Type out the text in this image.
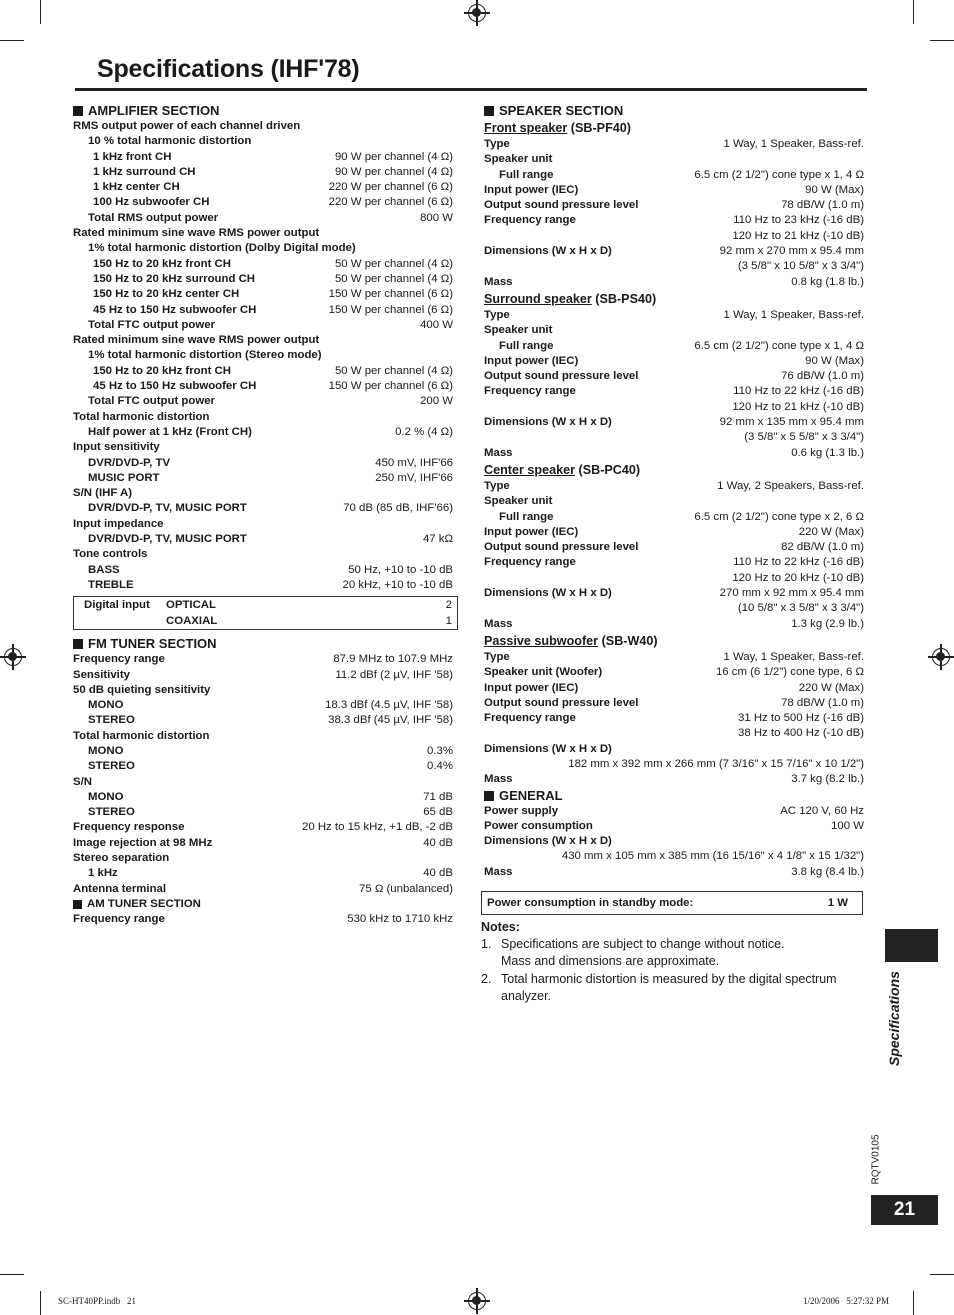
Specifications (IHF'78)
AMPLIFIER SECTION
RMS output power of each channel driven
10 % total harmonic distortion
1 kHz front CH	90 W per channel (4 Ω)
1 kHz surround CH	90 W per channel (4 Ω)
1 kHz center CH	220 W per channel (6 Ω)
100 Hz subwoofer CH	220 W per channel (6 Ω)
Total RMS output power	800 W
Rated minimum sine wave RMS power output
1% total harmonic distortion (Dolby Digital mode)
150 Hz to 20 kHz front CH	50 W per channel (4 Ω)
150 Hz to 20 kHz surround CH	50 W per channel (4 Ω)
150 Hz to 20 kHz center CH	150 W per channel (6 Ω)
45 Hz to 150 Hz subwoofer CH	150 W per channel (6 Ω)
Total FTC output power	400 W
Rated minimum sine wave RMS power output
1% total harmonic distortion (Stereo mode)
150 Hz to 20 kHz front CH	50 W per channel (4 Ω)
45 Hz to 150 Hz subwoofer CH	150 W per channel (6 Ω)
Total FTC output power	200 W
Total harmonic distortion
Half power at 1 kHz (Front CH)	0.2 % (4 Ω)
Input sensitivity
DVR/DVD-P, TV	450 mV, IHF'66
MUSIC PORT	250 mV, IHF'66
S/N (IHF A)
DVR/DVD-P, TV, MUSIC PORT	70 dB (85 dB, IHF'66)
Input impedance
DVR/DVD-P, TV, MUSIC PORT	47 kΩ
Tone controls
BASS	50 Hz, +10 to -10 dB
TREBLE	20 kHz, +10 to -10 dB
Digital input OPTICAL	2
COAXIAL	1
FM TUNER SECTION
Frequency range	87.9 MHz to 107.9 MHz
Sensitivity	11.2 dBf (2 µV, IHF '58)
50 dB quieting sensitivity
MONO	18.3 dBf (4.5 µV, IHF '58)
STEREO	38.3 dBf (45 µV, IHF '58)
Total harmonic distortion
MONO	0.3%
STEREO	0.4%
S/N
MONO	71 dB
STEREO	65 dB
Frequency response	20 Hz to 15 kHz, +1 dB, -2 dB
Image rejection at 98 MHz	40 dB
Stereo separation
1 kHz	40 dB
Antenna terminal	75 Ω (unbalanced)
AM TUNER SECTION
Frequency range	530 kHz to 1710 kHz
SPEAKER SECTION
Front speaker (SB-PF40)
Type	1 Way, 1 Speaker, Bass-ref.
Speaker unit
Full range	6.5 cm (2 1/2") cone type x 1, 4 Ω
Input power (IEC)	90 W (Max)
Output sound pressure level	78 dB/W (1.0 m)
Frequency range	110 Hz to 23 kHz (-16 dB)
120 Hz to 21 kHz (-10 dB)
Dimensions (W x H x D)	92 mm x 270 mm x 95.4 mm
(3 5/8" x 10 5/8" x 3 3/4")
Mass	0.8 kg (1.8 lb.)
Surround speaker (SB-PS40)
Type	1 Way, 1 Speaker, Bass-ref.
Speaker unit
Full range	6.5 cm (2 1/2") cone type x 1, 4 Ω
Input power (IEC)	90 W (Max)
Output sound pressure level	76 dB/W (1.0 m)
Frequency range	110 Hz to 22 kHz (-16 dB)
120 Hz to 21 kHz (-10 dB)
Dimensions (W x H x D)	92 mm x 135 mm x 95.4 mm
(3 5/8" x 5 5/8" x 3 3/4")
Mass	0.6 kg (1.3 lb.)
Center speaker (SB-PC40)
Type	1 Way, 2 Speakers, Bass-ref.
Speaker unit
Full range	6.5 cm (2 1/2") cone type x 2, 6 Ω
Input power (IEC)	220 W (Max)
Output sound pressure level	82 dB/W (1.0 m)
Frequency range	110 Hz to 22 kHz (-16 dB)
120 Hz to 20 kHz (-10 dB)
Dimensions (W x H x D)	270 mm x 92 mm x 95.4 mm
(10 5/8" x 3 5/8" x 3 3/4")
Mass	1.3 kg (2.9 lb.)
Passive subwoofer (SB-W40)
Type	1 Way, 1 Speaker, Bass-ref.
Speaker unit (Woofer)	16 cm (6 1/2") cone type, 6 Ω
Input power (IEC)	220 W (Max)
Output sound pressure level	78 dB/W (1.0 m)
Frequency range	31 Hz to 500 Hz (-16 dB)
38 Hz to 400 Hz (-10 dB)
Dimensions (W x H x D)
182 mm x 392 mm x 266 mm (7 3/16" x 15 7/16" x 10 1/2")
Mass	3.7 kg (8.2 lb.)
GENERAL
Power supply	AC 120 V, 60 Hz
Power consumption	100 W
Dimensions (W x H x D)
430 mm x 105 mm x 385 mm (16 15/16" x 4 1/8" x 15 1/32")
Mass	3.8 kg (8.4 lb.)
Power consumption in standby mode:	1 W
Notes:
1. Specifications are subject to change without notice.
Mass and dimensions are approximate.
2. Total harmonic distortion is measured by the digital spectrum analyzer.	Specifications
RQTV0105
21
SC-HT40PP.indb   21	1/20/2006   5:27:32 PM
